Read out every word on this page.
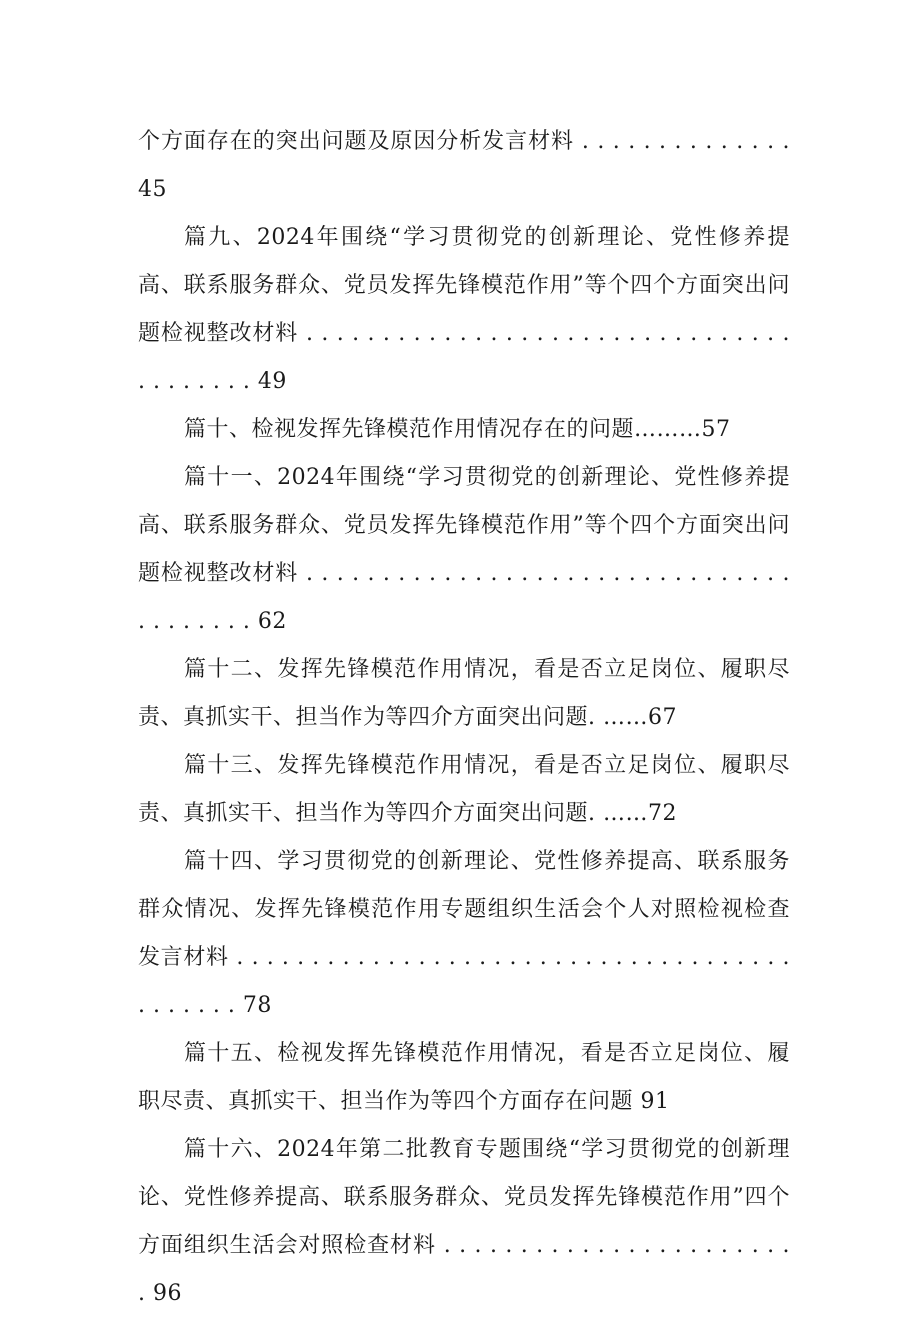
个方面存在的突出问题及原因分析发言材料 . . . . . . . . . . . . . . 45

篇九、2024年围绕“学习贯彻党的创新理论、党性修养提高、联系服务群众、党员发挥先锋模范作用”等个四个方面突出问题检视整改材料 . . . . . . . . . . . . . . . . . . . . . . . . . . . . . . . . . . . . . . . . 49

篇十、检视发挥先锋模范作用情况存在的问题………57

篇十一、2024年围绕“学习贯彻党的创新理论、党性修养提高、联系服务群众、党员发挥先锋模范作用”等个四个方面突出问题检视整改材料 . . . . . . . . . . . . . . . . . . . . . . . . . . . . . . . . . . . . . . . . 62

篇十二、发挥先锋模范作用情况，看是否立足岗位、履职尽责、真抓实干、担当作为等四介方面突出问题. ……67

篇十三、发挥先锋模范作用情况，看是否立足岗位、履职尽责、真抓实干、担当作为等四介方面突出问题. ……72

篇十四、学习贯彻党的创新理论、党性修养提高、联系服务群众情况、发挥先锋模范作用专题组织生活会个人对照检视检查发言材料 . . . . . . . . . . . . . . . . . . . . . . . . . . . . . . . . . . . . . . . . . . . . 78

篇十五、检视发挥先锋模范作用情况，看是否立足岗位、履职尽责、真抓实干、担当作为等四个方面存在问题 91

篇十六、2024年第二批教育专题围绕“学习贯彻党的创新理论、党性修养提高、联系服务群众、党员发挥先锋模范作用”四个方面组织生活会对照检查材料 . . . . . . . . . . . . . . . . . . . . . . . . 96
